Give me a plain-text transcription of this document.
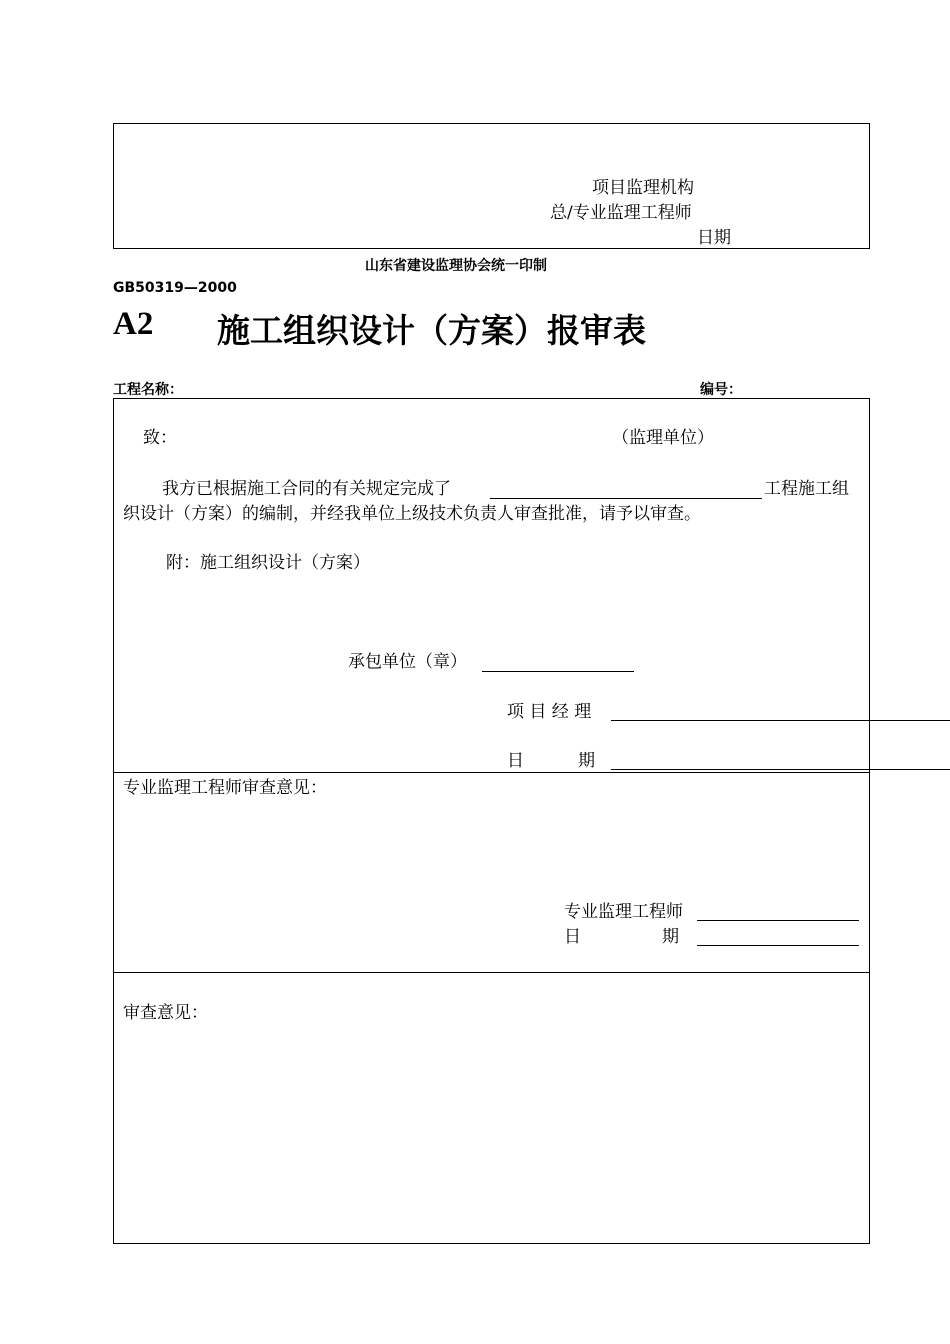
项目监理机构
总/专业监理工程师
日期
山东省建设监理协会统一印制
GB50319—2000
A2 施工组织设计（方案）报审表
工程名称：	编号：
致：	（监理单位）
我方已根据施工合同的有关规定完成了	工程施工组
织设计（方案）的编制，并经我单位上级技术负责人审查批准，请予以审查。
附：施工组织设计（方案）
承包单位（章）
项 目 经 理
日          期
专业监理工程师审查意见：
专业监理工程师
日               期
审查意见：
